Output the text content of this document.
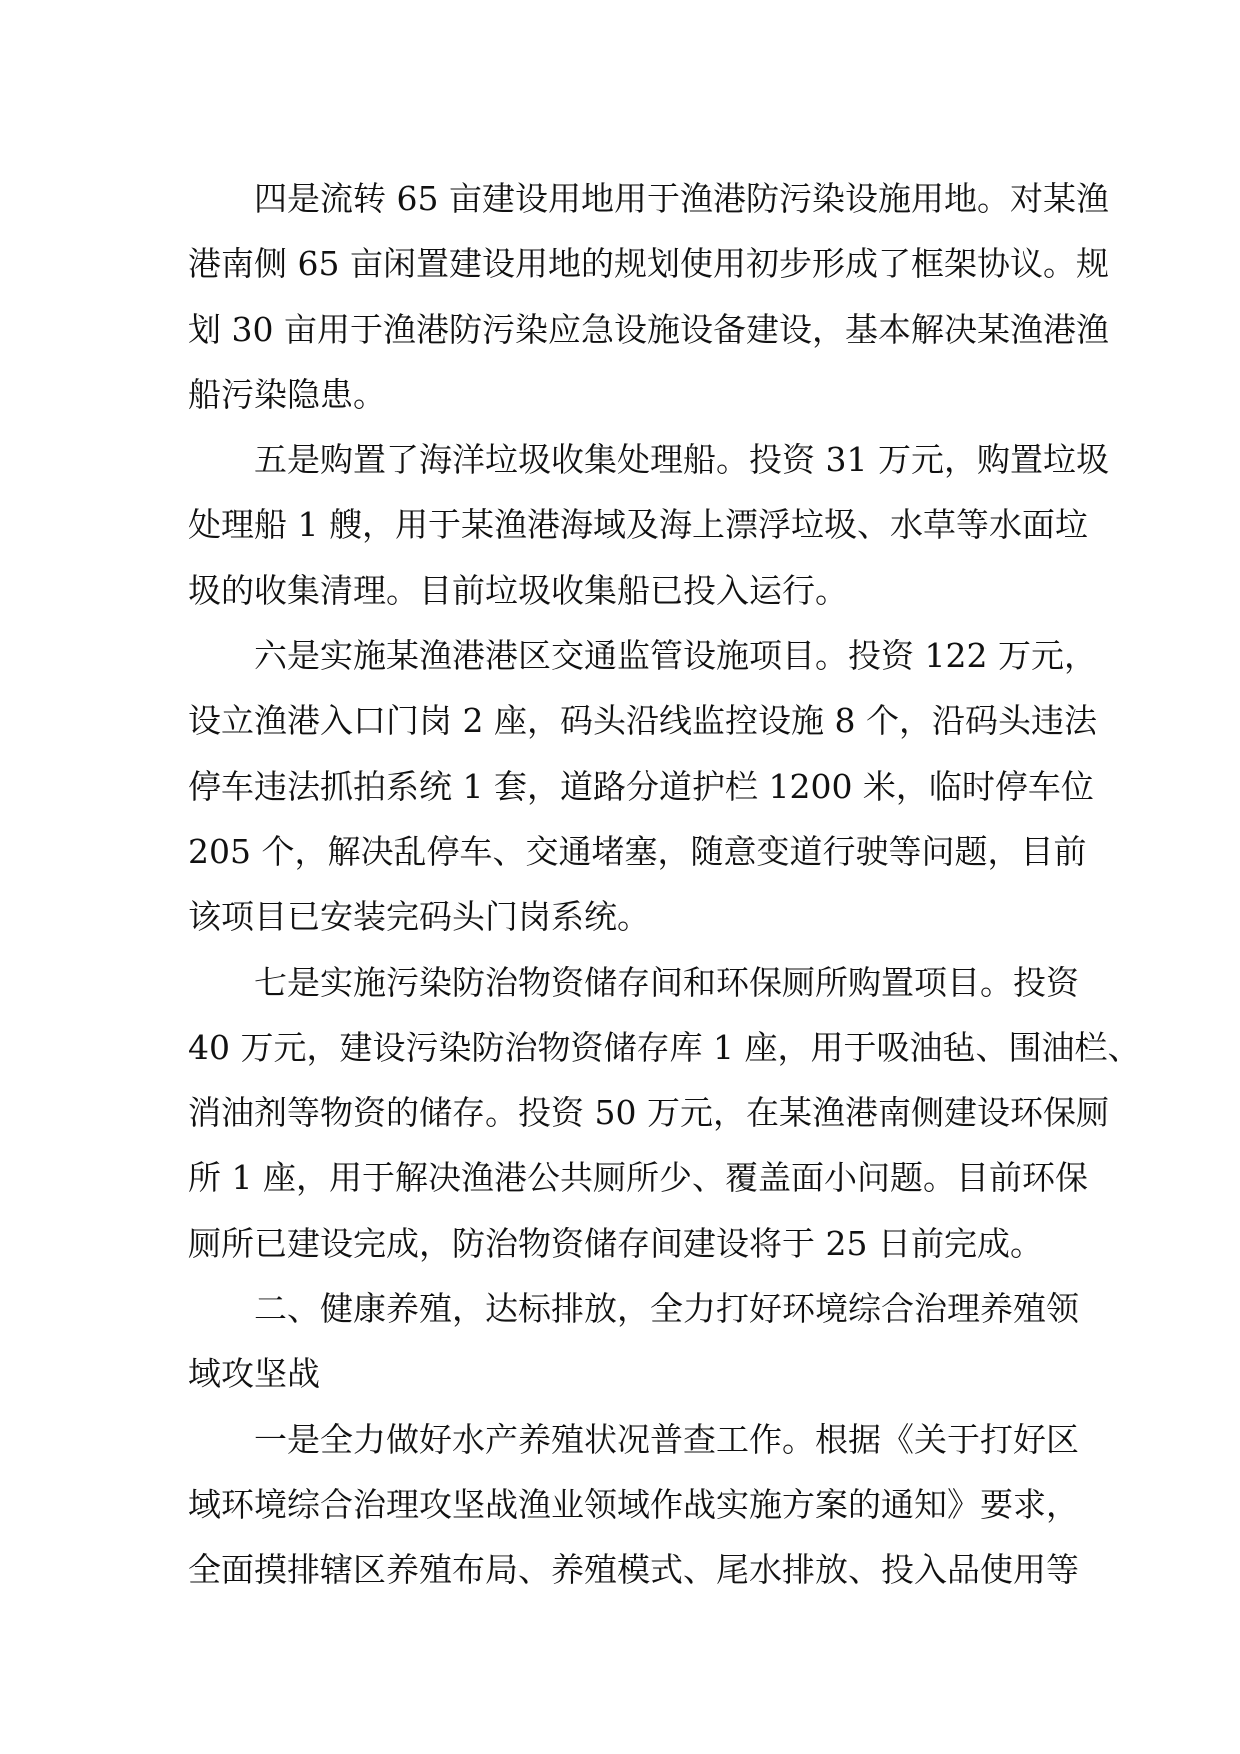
四是流转 65 亩建设用地用于渔港防污染设施用地。对某渔
港南侧 65 亩闲置建设用地的规划使用初步形成了框架协议。规
划 30 亩用于渔港防污染应急设施设备建设，基本解决某渔港渔
船污染隐患。

五是购置了海洋垃圾收集处理船。投资 31 万元，购置垃圾
处理船 1 艘，用于某渔港海域及海上漂浮垃圾、水草等水面垃
圾的收集清理。目前垃圾收集船已投入运行。

六是实施某渔港港区交通监管设施项目。投资 122 万元，
设立渔港入口门岗 2 座，码头沿线监控设施 8 个，沿码头违法
停车违法抓拍系统 1 套，道路分道护栏 1200 米，临时停车位
205 个，解决乱停车、交通堵塞，随意变道行驶等问题，目前
该项目已安装完码头门岗系统。

七是实施污染防治物资储存间和环保厕所购置项目。投资
40 万元，建设污染防治物资储存库 1 座，用于吸油毡、围油栏、
消油剂等物资的储存。投资 50 万元，在某渔港南侧建设环保厕
所 1 座，用于解决渔港公共厕所少、覆盖面小问题。目前环保
厕所已建设完成，防治物资储存间建设将于 25 日前完成。

二、健康养殖，达标排放，全力打好环境综合治理养殖领
域攻坚战

一是全力做好水产养殖状况普查工作。根据《关于打好区
域环境综合治理攻坚战渔业领域作战实施方案的通知》要求，
全面摸排辖区养殖布局、养殖模式、尾水排放、投入品使用等
